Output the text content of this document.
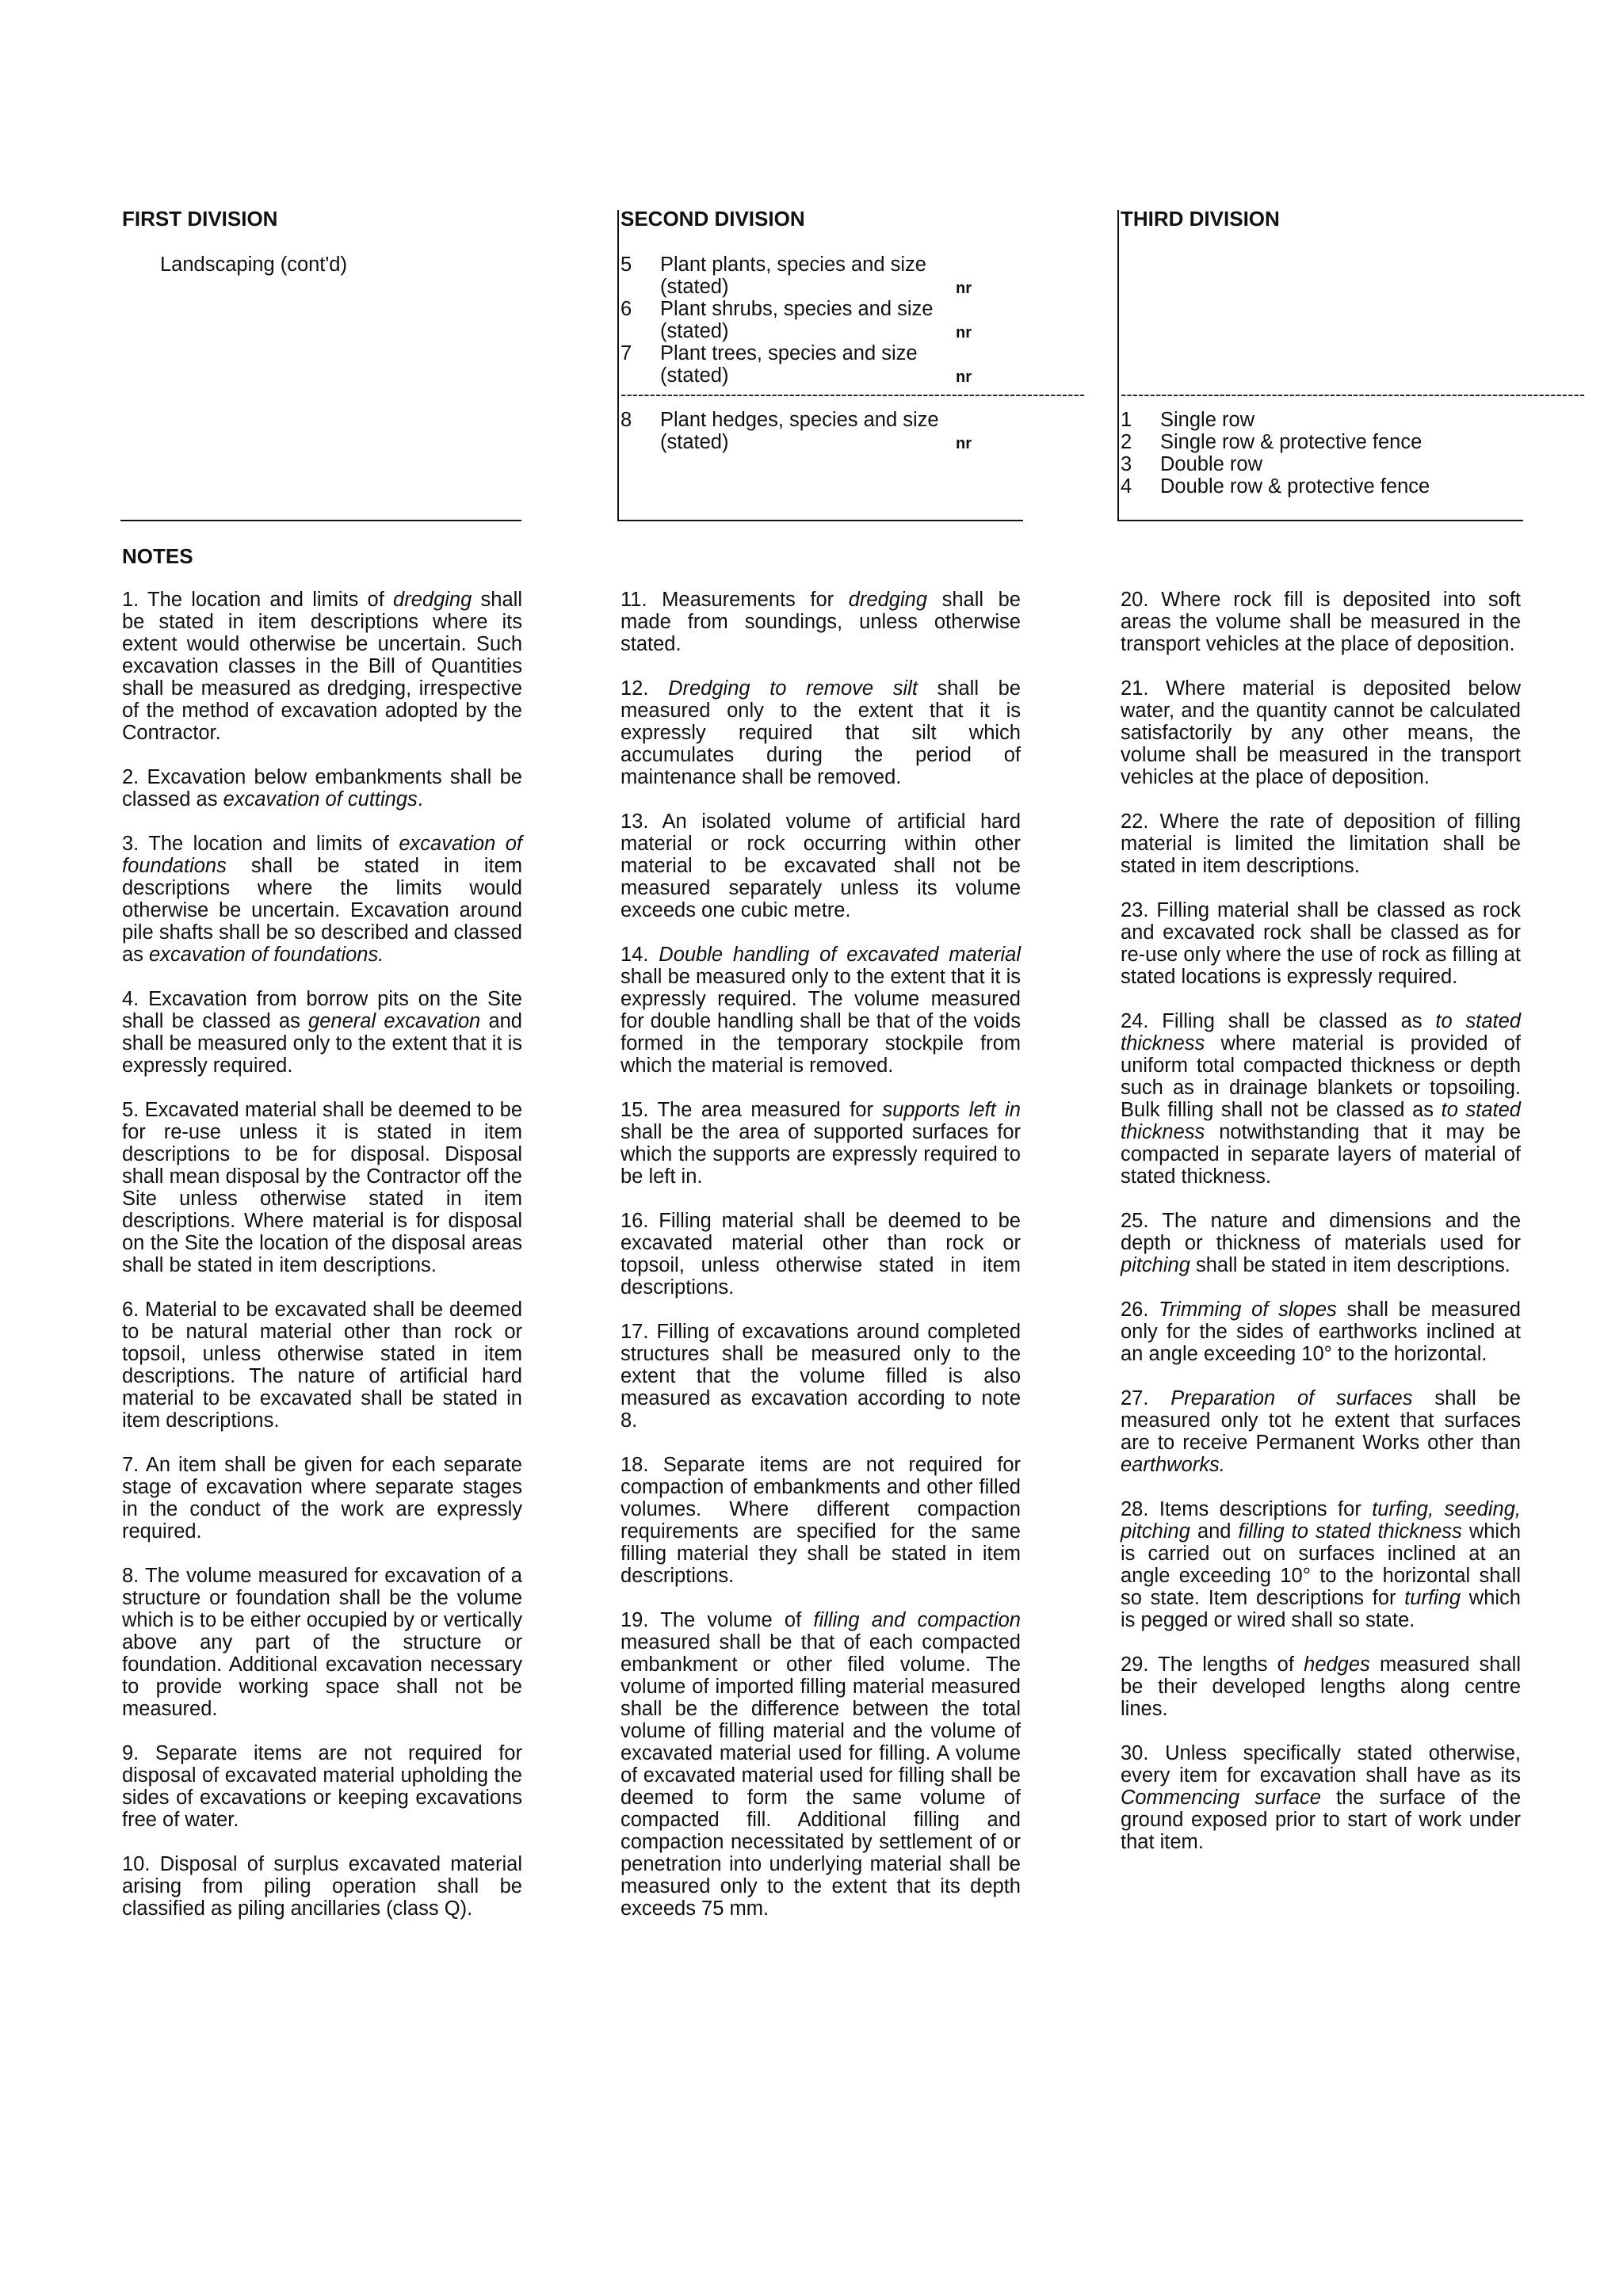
FIRST DIVISION	SECOND DIVISION	THIRD DIVISION
Landscaping (cont'd)	5 Plant plants, species and size
(stated)	nr
6 Plant shrubs, species and size
(stated)	nr
7 Plant trees, species and size
(stated)	nr
--------------------------------------------------------------------------------
8 Plant hedges, species and size
(stated)	nr
--------------------------------------------------------------------------------
1 Single row
2 Single row & protective fence
3 Double row
4 Double row & protective fence
NOTES

1. The location and limits of dredging shall be stated in item descriptions where its extent would otherwise be uncertain. Such excavation classes in the Bill of Quantities shall be measured as dredging, irrespective of the method of excavation adopted by the Contractor.

2. Excavation below embankments shall be classed as excavation of cuttings.

3. The location and limits of excavation of foundations shall be stated in item descriptions where the limits would otherwise be uncertain. Excavation around pile shafts shall be so described and classed as excavation of foundations.

4. Excavation from borrow pits on the Site shall be classed as general excavation and shall be measured only to the extent that it is expressly required.

5. Excavated material shall be deemed to be for re-use unless it is stated in item descriptions to be for disposal. Disposal shall mean disposal by the Contractor off the Site unless otherwise stated in item descriptions. Where material is for disposal on the Site the location of the disposal areas shall be stated in item descriptions.

6. Material to be excavated shall be deemed to be natural material other than rock or topsoil, unless otherwise stated in item descriptions. The nature of artificial hard material to be excavated shall be stated in item descriptions.

7. An item shall be given for each separate stage of excavation where separate stages in the conduct of the work are expressly required.

8. The volume measured for excavation of a structure or foundation shall be the volume which is to be either occupied by or vertically above any part of the structure or foundation. Additional excavation necessary to provide working space shall not be measured.

9. Separate items are not required for disposal of excavated material upholding the sides of excavations or keeping excavations free of water.

10. Disposal of surplus excavated material arising from piling operation shall be classified as piling ancillaries (class Q).

11. Measurements for dredging shall be made from soundings, unless otherwise stated.

12. Dredging to remove silt shall be measured only to the extent that it is expressly required that silt which accumulates during the period of maintenance shall be removed.

13. An isolated volume of artificial hard material or rock occurring within other material to be excavated shall not be measured separately unless its volume exceeds one cubic metre.

14. Double handling of excavated material shall be measured only to the extent that it is expressly required. The volume measured for double handling shall be that of the voids formed in the temporary stockpile from which the material is removed.

15. The area measured for supports left in shall be the area of supported surfaces for which the supports are expressly required to be left in.

16. Filling material shall be deemed to be excavated material other than rock or topsoil, unless otherwise stated in item descriptions.

17. Filling of excavations around completed structures shall be measured only to the extent that the volume filled is also measured as excavation according to note 8.

18. Separate items are not required for compaction of embankments and other filled volumes. Where different compaction requirements are specified for the same filling material they shall be stated in item descriptions.

19. The volume of filling and compaction measured shall be that of each compacted embankment or other filed volume. The volume of imported filling material measured shall be the difference between the total volume of filling material and the volume of excavated material used for filling. A volume of excavated material used for filling shall be deemed to form the same volume of compacted fill. Additional filling and compaction necessitated by settlement of or penetration into underlying material shall be measured only to the extent that its depth exceeds 75 mm.

20. Where rock fill is deposited into soft areas the volume shall be measured in the transport vehicles at the place of deposition.

21. Where material is deposited below water, and the quantity cannot be calculated satisfactorily by any other means, the volume shall be measured in the transport vehicles at the place of deposition.

22. Where the rate of deposition of filling material is limited the limitation shall be stated in item descriptions.

23. Filling material shall be classed as rock and excavated rock shall be classed as for re-use only where the use of rock as filling at stated locations is expressly required.

24. Filling shall be classed as to stated thickness where material is provided of uniform total compacted thickness or depth such as in drainage blankets or topsoiling. Bulk filling shall not be classed as to stated thickness notwithstanding that it may be compacted in separate layers of material of stated thickness.

25. The nature and dimensions and the depth or thickness of materials used for pitching shall be stated in item descriptions.

26. Trimming of slopes shall be measured only for the sides of earthworks inclined at an angle exceeding 10° to the horizontal.

27. Preparation of surfaces shall be measured only tot he extent that surfaces are to receive Permanent Works other than earthworks.

28. Items descriptions for turfing, seeding, pitching and filling to stated thickness which is carried out on surfaces inclined at an angle exceeding 10° to the horizontal shall so state. Item descriptions for turfing which is pegged or wired shall so state.

29. The lengths of hedges measured shall be their developed lengths along centre lines.

30. Unless specifically stated otherwise, every item for excavation shall have as its Commencing surface the surface of the ground exposed prior to start of work under that item.
